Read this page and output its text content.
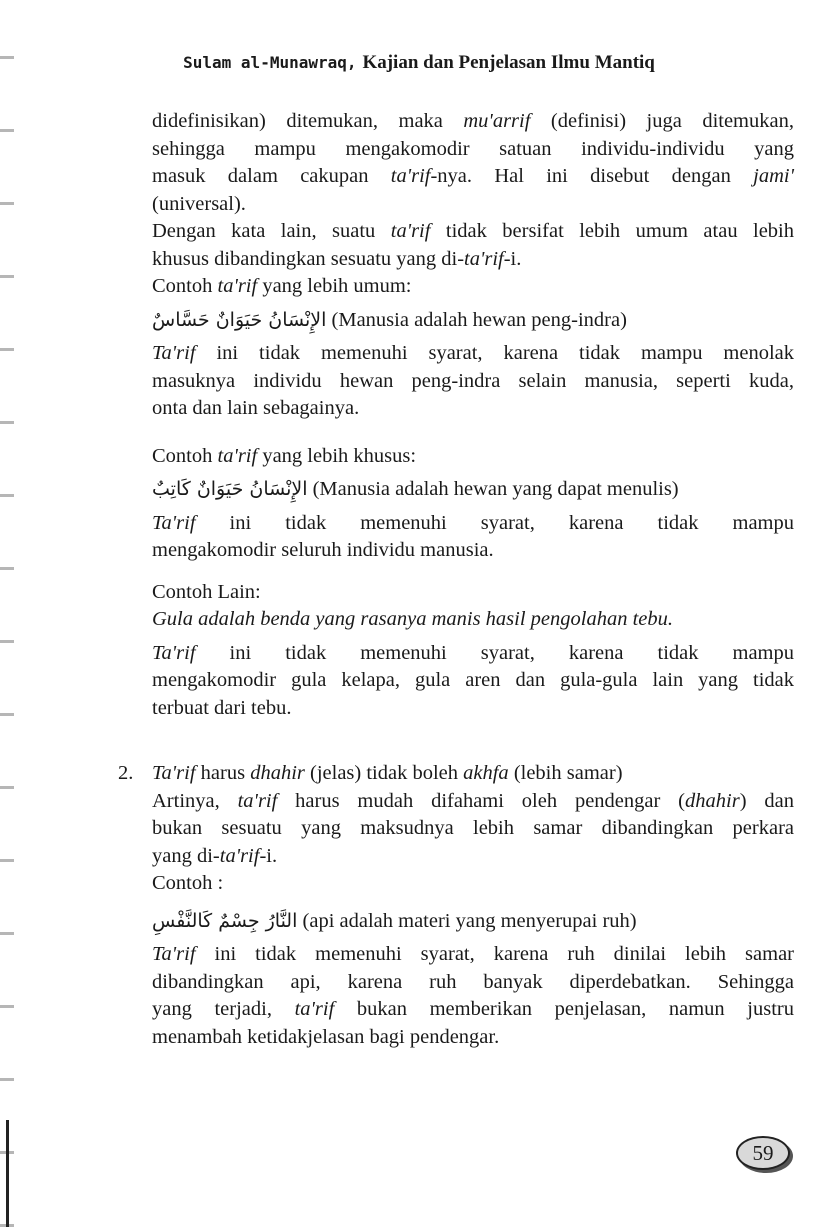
Sulam al-Munawraq, Kajian dan Penjelasan Ilmu Mantiq

didefinisikan) ditemukan, maka mu'arrif (definisi) juga ditemukan,

sehingga mampu mengakomodir satuan individu-individu yang

masuk dalam cakupan ta'rif-nya. Hal ini disebut dengan jami'

(universal).

Dengan kata lain, suatu ta'rif tidak bersifat lebih umum atau lebih

khusus dibandingkan sesuatu yang di-ta'rif-i.

Contoh ta'rif yang lebih umum:

الإِنْسَانُ حَيَوَانٌ حَسَّاسٌ (Manusia adalah hewan peng-indra)

Ta'rif ini tidak memenuhi syarat, karena tidak mampu menolak

masuknya individu hewan peng-indra selain manusia, seperti kuda,

onta dan lain sebagainya.

Contoh ta'rif yang lebih khusus:

الإِنْسَانُ حَيَوَانٌ كَاتِبٌ (Manusia adalah hewan yang dapat menulis)

Ta'rif ini tidak memenuhi syarat, karena tidak mampu

mengakomodir seluruh individu manusia.

Contoh Lain:

Gula adalah benda yang rasanya manis hasil pengolahan tebu.

Ta'rif ini tidak memenuhi syarat, karena tidak mampu

mengakomodir gula kelapa, gula aren dan gula-gula lain yang tidak

terbuat dari tebu.

2. Ta'rif harus dhahir (jelas) tidak boleh akhfa (lebih samar)

Artinya, ta'rif harus mudah difahami oleh pendengar (dhahir) dan

bukan sesuatu yang maksudnya lebih samar dibandingkan perkara

yang di-ta'rif-i.

Contoh :

النَّارُ جِسْمٌ كَالنَّفْسِ (api adalah materi yang menyerupai ruh)

Ta'rif ini tidak memenuhi syarat, karena ruh dinilai lebih samar

dibandingkan api, karena ruh banyak diperdebatkan. Sehingga

yang terjadi, ta'rif bukan memberikan penjelasan, namun justru

menambah ketidakjelasan bagi pendengar.

59
